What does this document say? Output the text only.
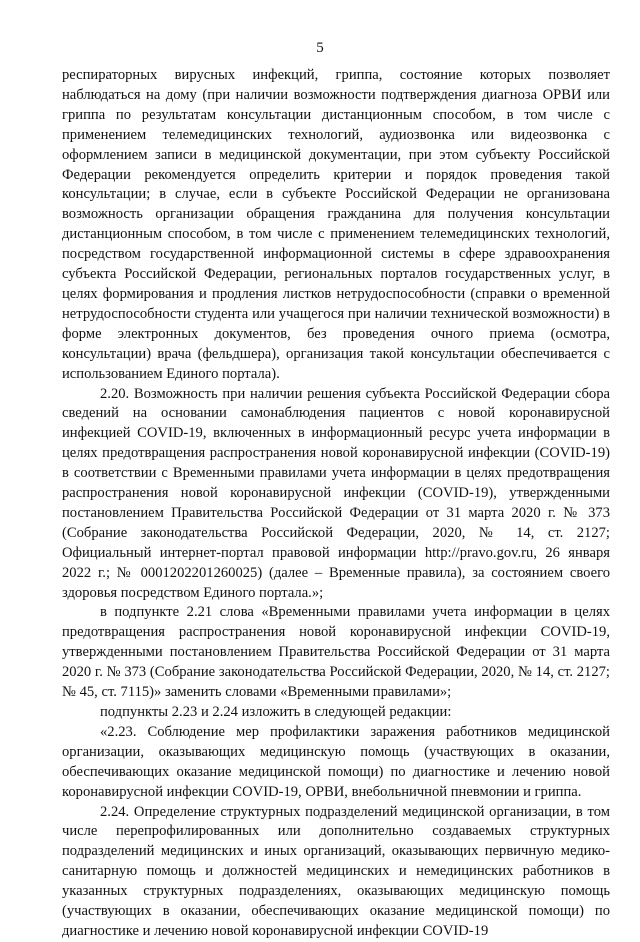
5

респираторных вирусных инфекций, гриппа, состояние которых позволяет наблюдаться на дому (при наличии возможности подтверждения диагноза ОРВИ или гриппа по результатам консультации дистанционным способом, в том числе с применением телемедицинских технологий, аудиозвонка или видеозвонка с оформлением записи в медицинской документации, при этом субъекту Российской Федерации рекомендуется определить критерии и порядок проведения такой консультации; в случае, если в субъекте Российской Федерации не организована возможность организации обращения гражданина для получения консультации дистанционным способом, в том числе с применением телемедицинских технологий, посредством государственной информационной системы в сфере здравоохранения субъекта Российской Федерации, региональных порталов государственных услуг, в целях формирования и продления листков нетрудоспособности (справки о временной нетрудоспособности студента или учащегося при наличии технической возможности) в форме электронных документов, без проведения очного приема (осмотра, консультации) врача (фельдшера), организация такой консультации обеспечивается с использованием Единого портала).

2.20. Возможность при наличии решения субъекта Российской Федерации сбора сведений на основании самонаблюдения пациентов с новой коронавирусной инфекцией COVID-19, включенных в информационный ресурс учета информации в целях предотвращения распространения новой коронавирусной инфекции (COVID-19) в соответствии с Временными правилами учета информации в целях предотвращения распространения новой коронавирусной инфекции (COVID-19), утвержденными постановлением Правительства Российской Федерации от 31 марта 2020 г. № 373 (Собрание законодательства Российской Федерации, 2020, № 14, ст. 2127; Официальный интернет-портал правовой информации http://pravo.gov.ru, 26 января 2022 г.; № 0001202201260025) (далее – Временные правила), за состоянием своего здоровья посредством Единого портала.»;

в подпункте 2.21 слова «Временными правилами учета информации в целях предотвращения распространения новой коронавирусной инфекции COVID-19, утвержденными постановлением Правительства Российской Федерации от 31 марта 2020 г. № 373 (Собрание законодательства Российской Федерации, 2020, № 14, ст. 2127; № 45, ст. 7115)» заменить словами «Временными правилами»;

подпункты 2.23 и 2.24 изложить в следующей редакции:

«2.23. Соблюдение мер профилактики заражения работников медицинской организации, оказывающих медицинскую помощь (участвующих в оказании, обеспечивающих оказание медицинской помощи) по диагностике и лечению новой коронавирусной инфекции COVID-19, ОРВИ, внебольничной пневмонии и гриппа.

2.24. Определение структурных подразделений медицинской организации, в том числе перепрофилированных или дополнительно создаваемых структурных подразделений медицинских и иных организаций, оказывающих первичную медико-санитарную помощь и должностей медицинских и немедицинских работников в указанных структурных подразделениях, оказывающих медицинскую помощь (участвующих в оказании, обеспечивающих оказание медицинской помощи) по диагностике и лечению новой коронавирусной инфекции COVID-19
